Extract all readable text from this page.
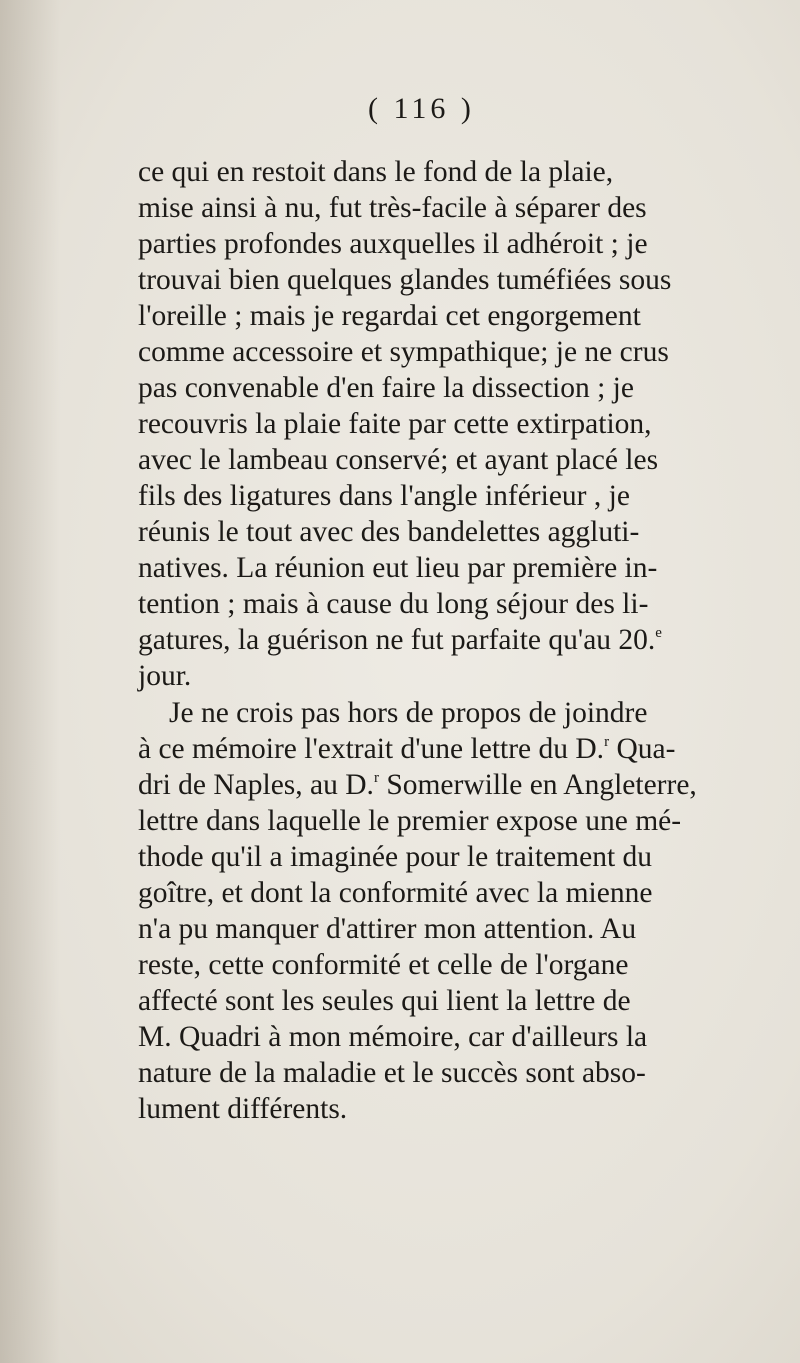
( 116 )
ce qui en restoit dans le fond de la plaie,
mise ainsi à nu, fut très-facile à séparer des
parties profondes auxquelles il adhéroit ; je
trouvai bien quelques glandes tuméfiées sous
l'oreille ; mais je regardai cet engorgement
comme accessoire et sympathique; je ne crus
pas convenable d'en faire la dissection ; je
recouvris la plaie faite par cette extirpation,
avec le lambeau conservé; et ayant placé les
fils des ligatures dans l'angle inférieur , je
réunis le tout avec des bandelettes aggluti-
natives. La réunion eut lieu par première in-
tention ; mais à cause du long séjour des li-
gatures, la guérison ne fut parfaite qu'au 20.$^e$
jour.
Je ne crois pas hors de propos de joindre
à ce mémoire l'extrait d'une lettre du D.$^r$ Qua-
dri de Naples, au D.$^r$ Somerwille en Angleterre,
lettre dans laquelle le premier expose une mé-
thode qu'il a imaginée pour le traitement du
goître, et dont la conformité avec la mienne
n'a pu manquer d'attirer mon attention. Au
reste, cette conformité et celle de l'organe
affecté sont les seules qui lient la lettre de
M. Quadri à mon mémoire, car d'ailleurs la
nature de la maladie et le succès sont abso-
lument différents.
